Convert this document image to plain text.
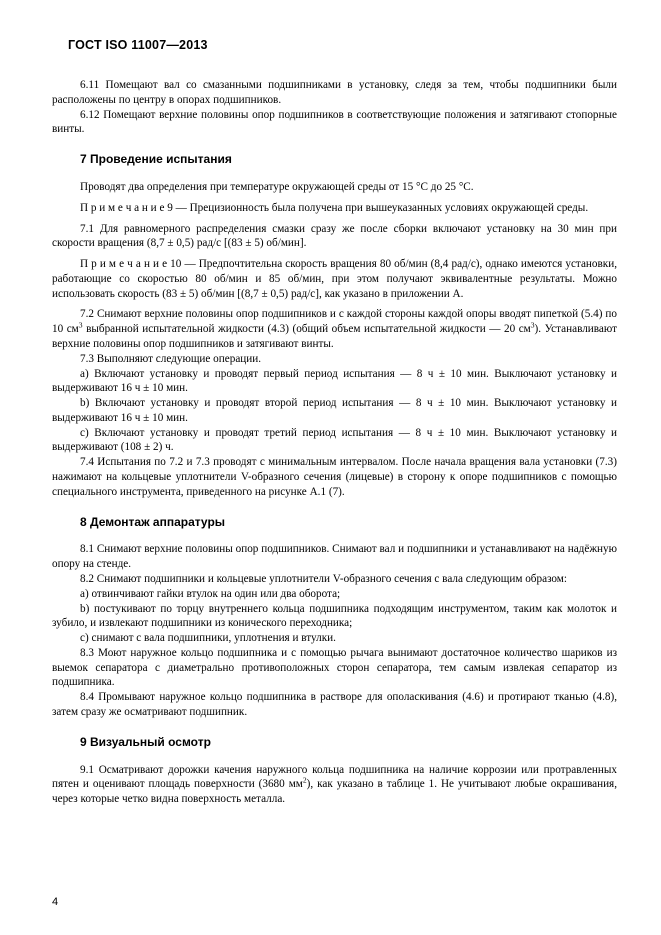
ГОСТ ISO 11007—2013

6.11 Помещают вал со смазанными подшипниками в установку, следя за тем, чтобы подшипники были расположены по центру в опорах подшипников.

6.12 Помещают верхние половины опор подшипников в соответствующие положения и затягивают стопорные винты.

7 Проведение испытания

Проводят два определения при температуре окружающей среды от 15 °С до 25 °С.

П р и м е ч а н и е 9 — Прецизионность была получена при вышеуказанных условиях окружающей среды.

7.1 Для равномерного распределения смазки сразу же после сборки включают установку на 30 мин при скорости вращения (8,7 ± 0,5) рад/с [(83 ± 5) об/мин].

П р и м е ч а н и е 10 — Предпочтительна скорость вращения 80 об/мин (8,4 рад/с), однако имеются установки, работающие со скоростью 80 об/мин и 85 об/мин, при этом получают эквивалентные результаты. Можно использовать скорость (83 ± 5) об/мин [(8,7 ± 0,5) рад/с], как указано в приложении А.

7.2 Снимают верхние половины опор подшипников и с каждой стороны каждой опоры вводят пипеткой (5.4) по 10 $см^3$ выбранной испытательной жидкости (4.3) (общий объем испытательной жидкости — 20 $см^3$). Устанавливают верхние половины опор подшипников и затягивают винты.

7.3 Выполняют следующие операции.

а) Включают установку и проводят первый период испытания — 8 ч ± 10 мин. Выключают установку и выдерживают 16 ч ± 10 мин.

b) Включают установку и проводят второй период испытания — 8 ч ± 10 мин. Выключают установку и выдерживают 16 ч ± 10 мин.

c) Включают установку и проводят третий период испытания — 8 ч ± 10 мин. Выключают установку и выдерживают (108 ± 2) ч.

7.4 Испытания по 7.2 и 7.3 проводят с минимальным интервалом. После начала вращения вала установки (7.3) нажимают на кольцевые уплотнители V-образного сечения (лицевые) в сторону к опоре подшипников с помощью специального инструмента, приведенного на рисунке А.1 (7).

8 Демонтаж аппаратуры

8.1 Снимают верхние половины опор подшипников. Снимают вал и подшипники и устанавливают на надёжную опору на стенде.

8.2 Снимают подшипники и кольцевые уплотнители V-образного сечения с вала следующим образом:

а) отвинчивают гайки втулок на один или два оборота;

b) постукивают по торцу внутреннего кольца подшипника подходящим инструментом, таким как молоток и зубило, и извлекают подшипники из конического переходника;

c) снимают с вала подшипники, уплотнения и втулки.

8.3 Моют наружное кольцо подшипника и с помощью рычага вынимают достаточное количество шариков из выемок сепаратора с диаметрально противоположных сторон сепаратора, тем самым извлекая сепаратор из подшипника.

8.4 Промывают наружное кольцо подшипника в растворе для ополаскивания (4.6) и протирают тканью (4.8), затем сразу же осматривают подшипник.

9 Визуальный осмотр

9.1 Осматривают дорожки качения наружного кольца подшипника на наличие коррозии или протравленных пятен и оценивают площадь поверхности (3680 $мм^2$), как указано в таблице 1. Не учитывают любые окрашивания, через которые четко видна поверхность металла.

4
